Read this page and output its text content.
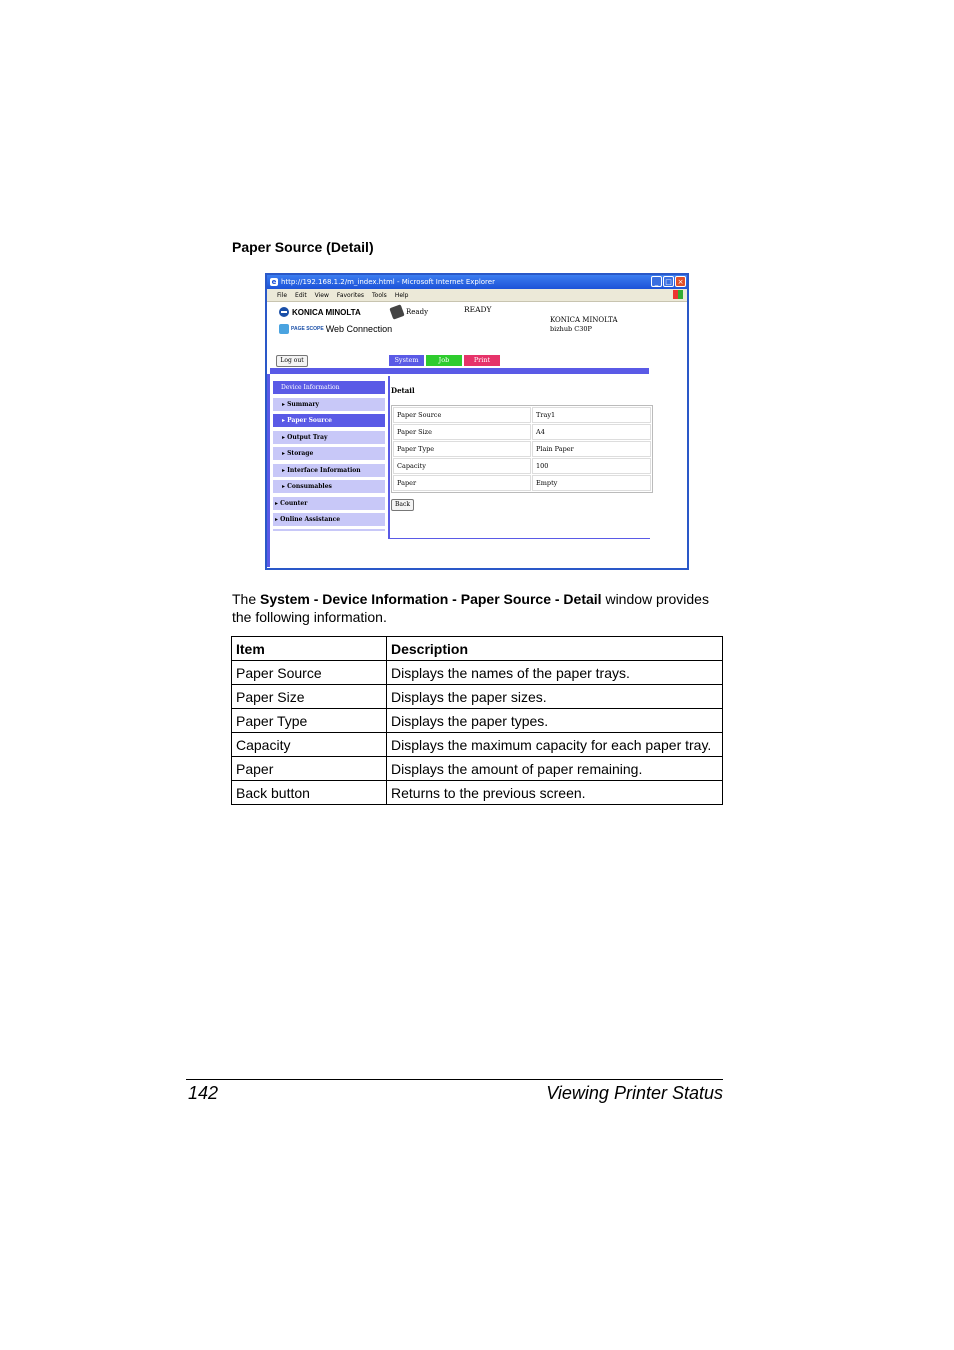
Paper Source (Detail)
e http://192.168.1.2/m_index.html - Microsoft Internet Explorer	_ □ ×
File Edit View Favorites Tools Help
KONICA MINOLTA
PAGE SCOPE Web Connection
Ready	READY
KONICA MINOLTA
bizhub C30P
Log out	System	Job	Print
Device Information
▸ Summary
▸ Paper Source
▸ Output Tray
▸ Storage
▸ Interface Information
▸ Consumables
▸ Counter
▸ Online Assistance
Detail
Paper Source	Tray1
Paper Size	A4
Paper Type	Plain Paper
Capacity	100
Paper	Empty
Back
The System - Device Information - Paper Source - Detail window provides the following information.
Item	Description
Paper Source	Displays the names of the paper trays.
Paper Size	Displays the paper sizes.
Paper Type	Displays the paper types.
Capacity	Displays the maximum capacity for each paper tray.
Paper	Displays the amount of paper remaining.
Back button	Returns to the previous screen.
142	Viewing Printer Status
